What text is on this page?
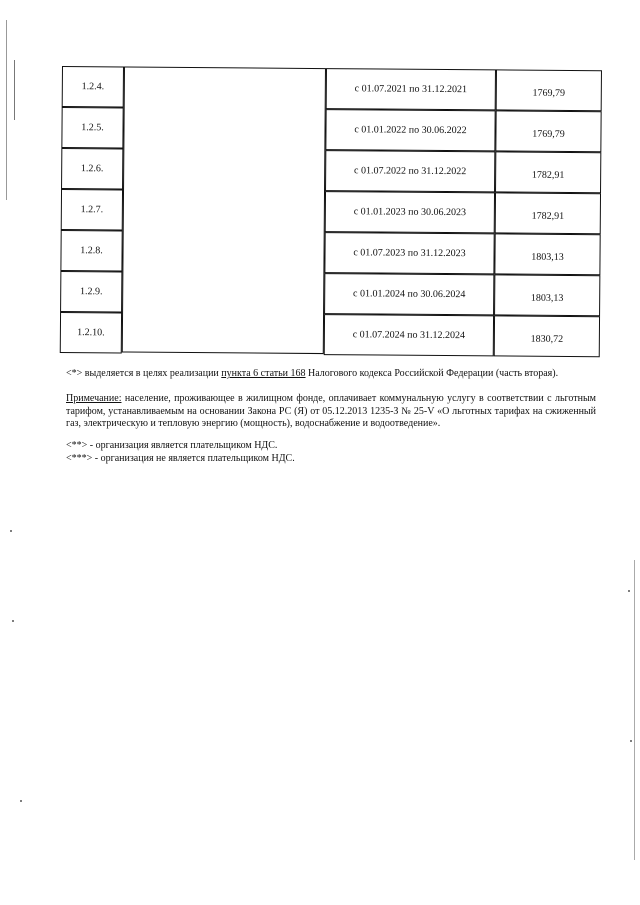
1.2.4.	с 01.07.2021 по 31.12.2021	1769,79
1.2.5.	с 01.01.2022 по 30.06.2022	1769,79
1.2.6.	с 01.07.2022 по 31.12.2022	1782,91
1.2.7.	с 01.01.2023 по 30.06.2023	1782,91
1.2.8.	с 01.07.2023 по 31.12.2023	1803,13
1.2.9.	с 01.01.2024 по 30.06.2024	1803,13
1.2.10.	с 01.07.2024 по 31.12.2024	1830,72

<*> выделяется в целях реализации пункта 6 статьи 168 Налогового кодекса Российской Федерации (часть вторая).

Примечание: население, проживающее в жилищном фонде, оплачивает коммунальную услугу в соответствии с льготным тарифом, устанавливаемым на основании Закона РС (Я) от 05.12.2013 1235-З № 25-V «О льготных тарифах на сжиженный газ, электрическую и тепловую энергию (мощность), водоснабжение и водоотведение».

<**> - организация является плательщиком НДС.

<***> - организация не является плательщиком НДС.
